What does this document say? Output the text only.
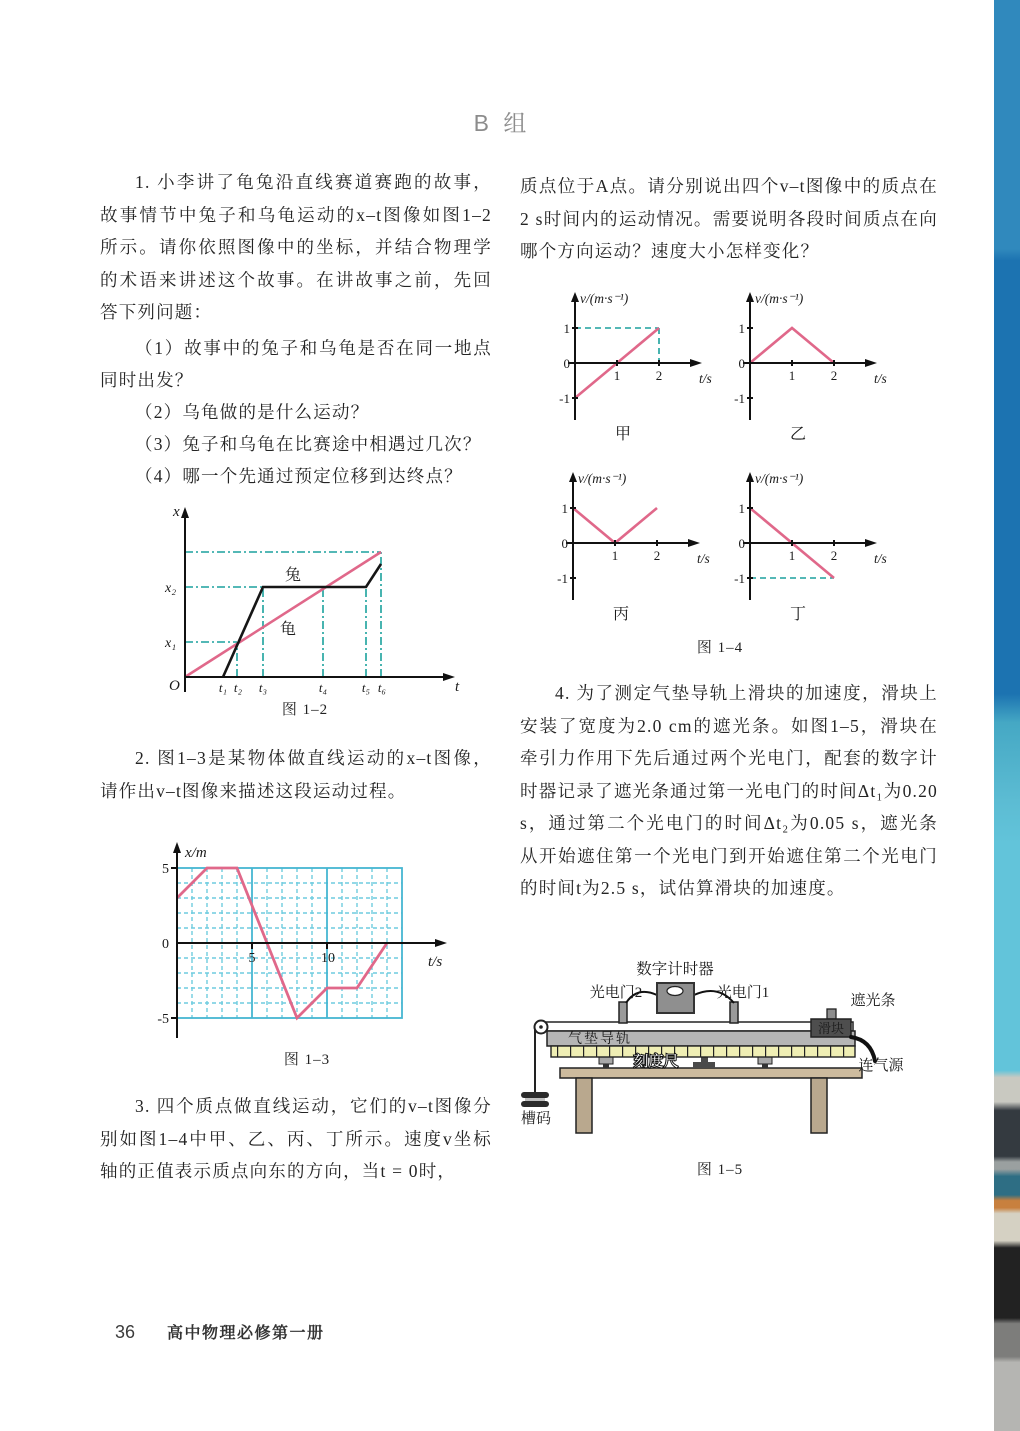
B 组

1. 小李讲了龟兔沿直线赛道赛跑的故事，故事情节中兔子和乌龟运动的x–t图像如图1–2所示。请你依照图像中的坐标，并结合物理学的术语来讲述这个故事。在讲故事之前，先回答下列问题：

（1）故事中的兔子和乌龟是否在同一地点同时出发？

（2）乌龟做的是什么运动？

（3）兔子和乌龟在比赛途中相遇过几次？

（4）哪一个先通过预定位移到达终点？

x
t
O
x₂
x₁
t₁ t₂ t₃	t₄	t₅ t₆
兔
龟
图 1–2

2. 图1–3是某物体做直线运动的x–t图像，请作出v–t图像来描述这段运动过程。

x/m
t/s
5
0
-5
5	10
图 1–3

3. 四个质点做直线运动，它们的v–t图像分别如图1–4中甲、乙、丙、丁所示。速度v坐标轴的正值表示质点向东的方向，当t = 0时，

质点位于A点。请分别说出四个v–t图像中的质点在2 s时间内的运动情况。需要说明各段时间质点在向哪个方向运动？速度大小怎样变化？

v/(m·s⁻¹)
t/s
1
0
-1
1	2
甲
v/(m·s⁻¹)
t/s
1
0
-1
1	2
乙
v/(m·s⁻¹)
t/s
1
0
-1
1	2
丙
v/(m·s⁻¹)
t/s
1
0
-1
1	2
丁
图 1–4

4. 为了测定气垫导轨上滑块的加速度，滑块上安装了宽度为2.0 cm的遮光条。如图1–5，滑块在牵引力作用下先后通过两个光电门，配套的数字计时器记录了遮光条通过第一光电门的时间Δt₁为0.20 s，通过第二个光电门的时间Δt₂为0.05 s，遮光条从开始遮住第一个光电门到开始遮住第二个光电门的时间t为2.5 s，试估算滑块的加速度。

气垫导轨
槽码
数字计时器
光电门2	光电门1
滑块
遮光条
连气源
刻度尺
图 1–5
36 高中物理必修第一册
